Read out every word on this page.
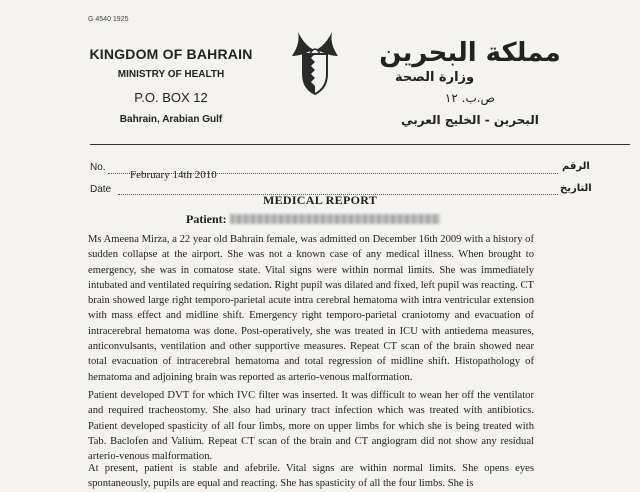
G 4540 1925
KINGDOM OF BAHRAIN
MINISTRY OF HEALTH
P.O. BOX 12
Bahrain, Arabian Gulf
مملكة البحرين
وزارة الصحة
ص.ب. ١٢
البحرين - الخليج العربي
No.	الرقم
February 14th 2010
Date	التاريخ
MEDICAL REPORT
Patient:
Ms Ameena Mirza, a 22 year old Bahrain female, was admitted on December 16th 2009 with a history of sudden collapse at the airport. She was not a known case of any medical illness. When brought to emergency, she was in comatose state. Vital signs were within normal limits. She was immediately intubated and ventilated requiring sedation. Right pupil was dilated and fixed, left pupil was reacting. CT brain showed large right temporo-parietal acute intra cerebral hematoma with intra ventricular extension with mass effect and midline shift. Emergency right temporo-parietal craniotomy and evacuation of intracerebral hematoma was done. Post-operatively, she was treated in ICU with antiedema measures, anticonvulsants, ventilation and other supportive measures. Repeat CT scan of the brain showed near total evacuation of intracerebral hematoma and total regression of midline shift. Histopathology of hematoma and adjoining brain was reported as arterio-venous malformation.
Patient developed DVT for which IVC filter was inserted. It was difficult to wean her off the ventilator and required tracheostomy. She also had urinary tract infection which was treated with antibiotics. Patient developed spasticity of all four limbs, more on upper limbs for which she is being treated with Tab. Baclofen and Valium. Repeat CT scan of the brain and CT angiogram did not show any residual arterio-venous malformation.
At present, patient is stable and afebrile. Vital signs are within normal limits. She opens eyes spontaneously, pupils are equal and reacting. She has spasticity of all the four limbs. She is
